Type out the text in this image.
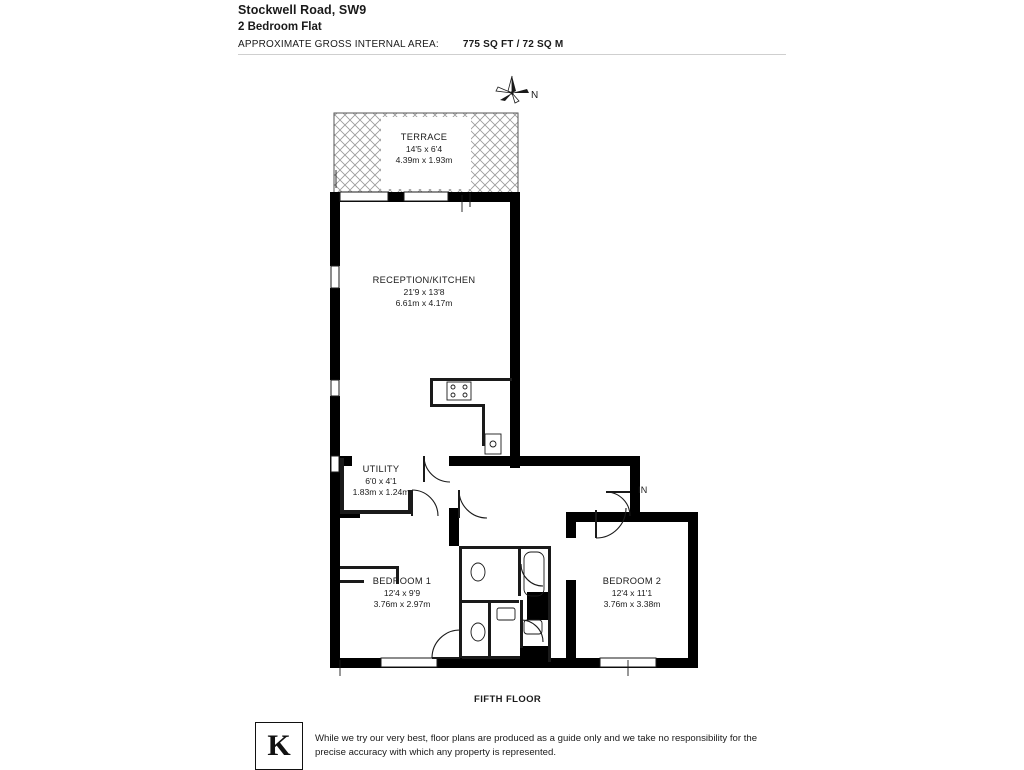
Stockwell Road, SW9
2 Bedroom Flat
APPROXIMATE GROSS INTERNAL AREA: 775 SQ FT / 72 SQ M
N
TERRACE
14'5 x 6'4
4.39m x 1.93m
RECEPTION/KITCHEN
21'9 x 13'8
6.61m x 4.17m
UTILITY
6'0 x 4'1
1.83m x 1.24m
BEDROOM 1
12'4 x 9'9
3.76m x 2.97m
BEDROOM 2
12'4 x 11'1
3.76m x 3.38m
IN
FIFTH FLOOR
K	While we try our very best, floor plans are produced as a guide only and we take no responsibility for the precise accuracy with which any property is represented.
